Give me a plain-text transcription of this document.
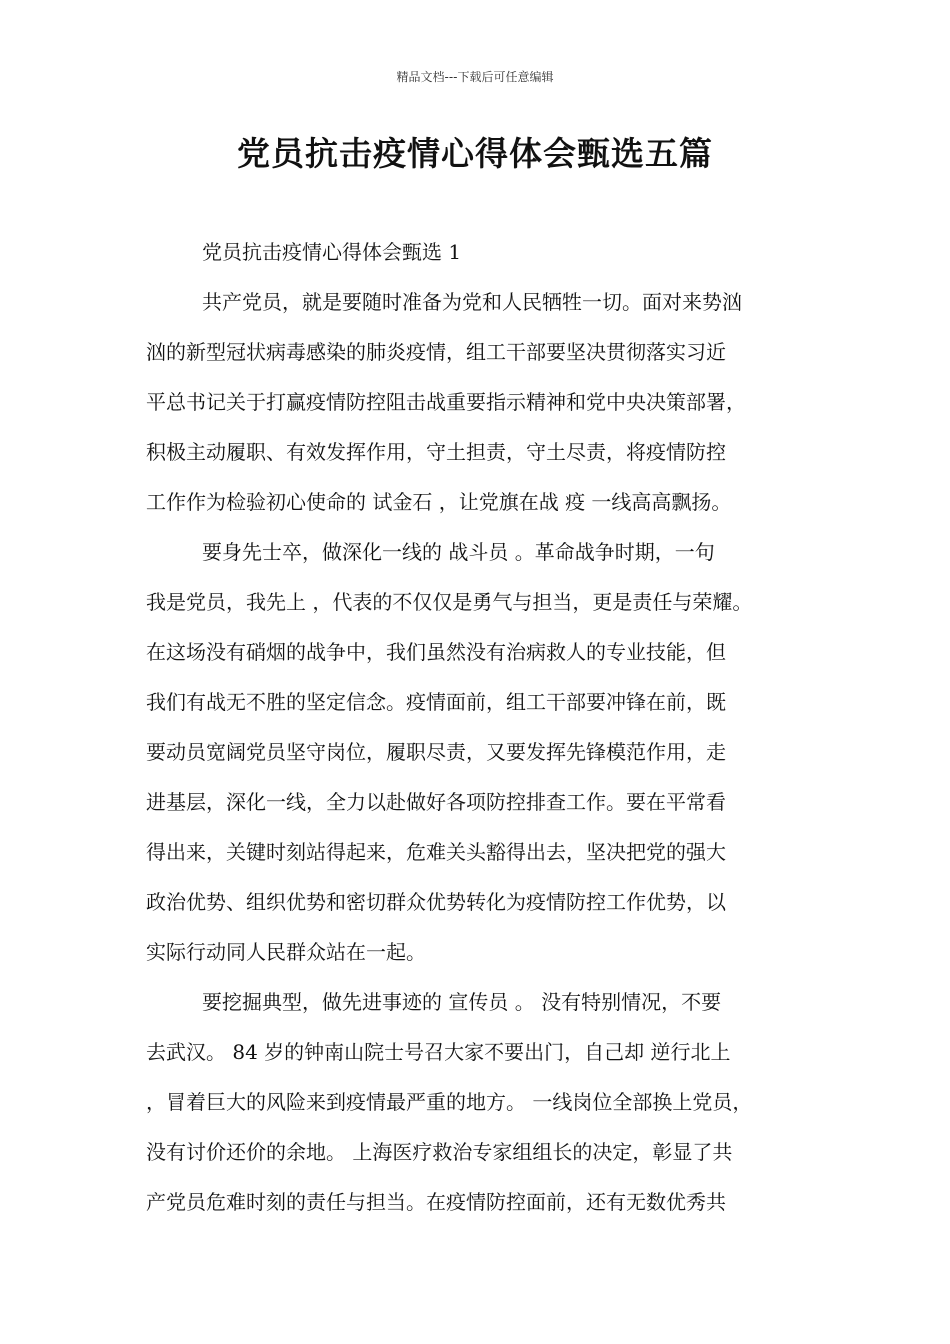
精品文档---下载后可任意编辑
党员抗击疫情心得体会甄选五篇
党员抗击疫情心得体会甄选 1
共产党员，就是要随时准备为党和人民牺牲一切。面对来势汹
汹的新型冠状病毒感染的肺炎疫情，组工干部要坚决贯彻落实习近
平总书记关于打赢疫情防控阻击战重要指示精神和党中央决策部署，
积极主动履职、有效发挥作用，守土担责，守土尽责，将疫情防控
工作作为检验初心使命的 试金石 ，让党旗在战 疫 一线高高飘扬。
要身先士卒，做深化一线的 战斗员 。革命战争时期，一句
我是党员，我先上 ，代表的不仅仅是勇气与担当，更是责任与荣耀。
在这场没有硝烟的战争中，我们虽然没有治病救人的专业技能，但
我们有战无不胜的坚定信念。疫情面前，组工干部要冲锋在前，既
要动员宽阔党员坚守岗位，履职尽责，又要发挥先锋模范作用，走
进基层，深化一线，全力以赴做好各项防控排查工作。要在平常看
得出来，关键时刻站得起来，危难关头豁得出去，坚决把党的强大
政治优势、组织优势和密切群众优势转化为疫情防控工作优势，以
实际行动同人民群众站在一起。
要挖掘典型，做先进事迹的 宣传员 。 没有特别情况，不要
去武汉。 84 岁的钟南山院士号召大家不要出门，自己却 逆行北上
，冒着巨大的风险来到疫情最严重的地方。 一线岗位全部换上党员，
没有讨价还价的余地。 上海医疗救治专家组组长的决定，彰显了共
产党员危难时刻的责任与担当。在疫情防控面前，还有无数优秀共
